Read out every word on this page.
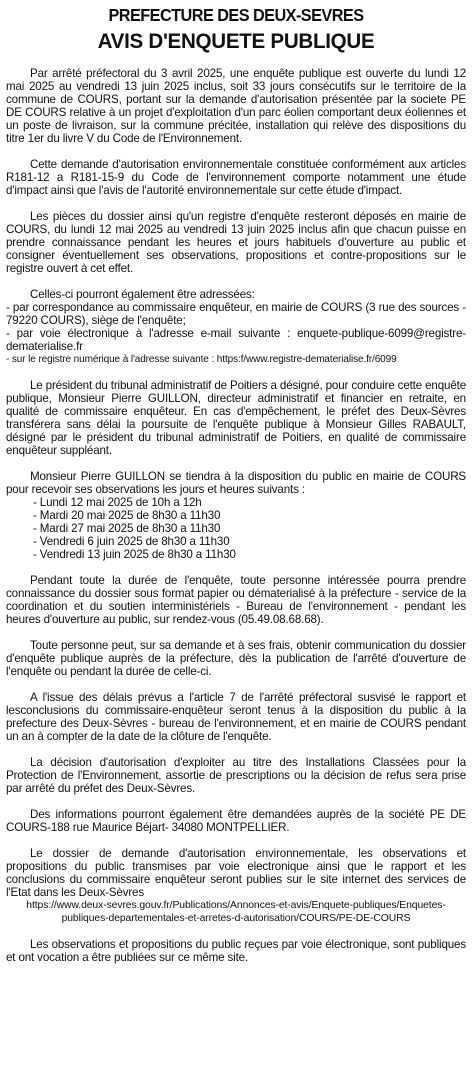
PREFECTURE DES DEUX-SEVRES
AVIS D'ENQUETE PUBLIQUE

Par arrêté préfectoral du 3 avril 2025, une enquête publique est ouverte du lundi 12 mai 2025 au vendredi 13 juin 2025 inclus, soit 33 jours consécutifs sur le territoire de la commune de COURS, portant sur la demande d'autorisation présentée par la societe PE DE COURS relative à un projet d'exploitation d'un parc éolien comportant deux éoliennes et un poste de livraison, sur la commune précitée, installation qui relève des dispositions du titre 1er du livre V du Code de l'Environnement.

Cette demande d'autorisation environnementale constituée conformément aux articles R181-12 a R181-15-9 du Code de l'environnement comporte notamment une étude d'impact ainsi que l'avis de l'autorité environnementale sur cette étude d'impact.

Les pièces du dossier ainsi qu'un registre d'enquête resteront déposés en mairie de COURS, du lundi 12 mai 2025 au vendredi 13 juin 2025 inclus afin que chacun puisse en prendre connaissance pendant les heures et jours habituels d'ouverture au public et consigner éventuellement ses observations, propositions et contre-propositions sur le registre ouvert à cet effet.

Celles-ci pourront également être adressées:

- par correspondance au commissaire enquêteur, en mairie de COURS (3 rue des sources - 79220 COURS), siège de l'enquête;

- par voie électronique à l'adresse e-mail suivante : enquete-publique-6099@registre-dematerialise.fr

- sur le registre numérique à l'adresse suivante : https:f/www.registre-dematerialise.fr/6099

Le président du tribunal administratif de Poitiers a désigné, pour conduire cette enquête publique, Monsieur Pierre GUILLON, directeur administratif et financier en retraite, en qualité de commissaire enquêteur. En cas d'empêchement, le préfet des Deux-Sèvres transférera sans délai la poursuite de l'enquête publique à Monsieur Gilles RABAULT, désigné par le président du tribunal administratif de Poitiers, en qualité de commissaire enquêteur suppléant.

Monsieur Pierre GUILLON se tiendra à la disposition du public en mairie de COURS pour recevoir ses observations les jours et heures suivants :

- Lundi 12 mai 2025 de 10h a 12h
- Mardi 20 mai 2025 de 8h30 a 11h30
- Mardi 27 mai 2025 de 8h30 a 11h30
- Vendredi 6 juin 2025 de 8h30 a 11h30
- Vendredi 13 juin 2025 de 8h30 a 11h30

Pendant toute la durée de l'enquête, toute personne intéressée pourra prendre connaissance du dossier sous format papier ou dématerialisé à la préfecture - service de la coordination et du soutien interministériels - Bureau de l'environnement - pendant les heures d'ouverture au public, sur rendez-vous (05.49.08.68.68).

Toute personne peut, sur sa demande et à ses frais, obtenir communication du dossier d'enquête publique auprès de la préfecture, dès la publication de l'arrêté d'ouverture de l'enquête ou pendant la durée de celle-ci.

A l'issue des délais prévus a l'article 7 de l'arrêté préfectoral susvisé le rapport et lesconclusions du commissaire-enquêteur seront tenus à la disposition du public à la prefecture des Deux-Sèvres - bureau de l'environnement, et en mairie de COURS pendant un an à compter de la date de la clôture de l'enquête.

La décision d'autorisation d'exploiter au titre des Installations Classées pour la Protection de l'Environnement, assortie de prescriptions ou la décision de refus sera prise par arrêté du préfet des Deux-Sèvres.

Des informations pourront également être demandées auprès de la société PE DE COURS-188 rue Maurice Béjart- 34080 MONTPELLIER.

Le dossier de demande d'autorisation environnementale, les observations et propositions du public transmises par voie electronique ainsi que le rapport et les conclusions du commissaire enquêteur seront publies sur le site internet des services de l'Etat dans les Deux-Sèvres

https://www.deux-sevres.gouv.fr/Publications/Annonces-et-avis/Enquete-publiques/Enquetes-publiques-departementales-et-arretes-d-autorisation/COURS/PE-DE-COURS

Les observations et propositions du public reçues par voie électronique, sont publiques et ont vocation a être publiées sur ce même site.
